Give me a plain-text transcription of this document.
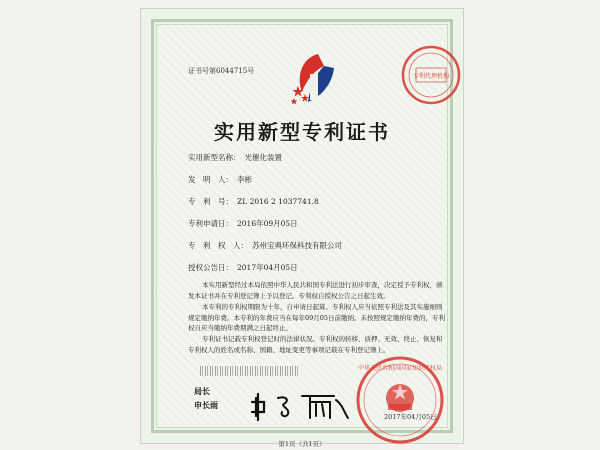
证书号第6044715号
专利代理机构
实用新型专利证书
实用新型名称： 光催化装置
发　明　人： 李彬
专　利　号： ZL 2016 2 1037741.8
专利申请日： 2016年09月05日
专　利　权　人： 苏州宝典环保科技有限公司
授权公告日： 2017年04月05日
本实用新型经过本局依照中华人民共和国专利法进行初步审查，决定授予专利权，颁发本证书并在专利登记簿上予以登记。专利权自授权公告之日起生效。
本专利的专利权期限为十年，自申请日起算。专利权人应当依照专利法及其实施细则规定缴纳年费。本专利的年费应当在每年09月05日前缴纳。未按照规定缴纳年费的，专利权自应当缴纳年费期满之日起终止。
专利证书记载专利权登记时的法律状况。专利权的转移、质押、无效、终止、恢复和专利权人的姓名或名称、国籍、地址变更等事项记载在专利登记簿上。
局长
申长雨
中华人民共和国国家知识产权局
2017年04月05日
第1页（共1页）
